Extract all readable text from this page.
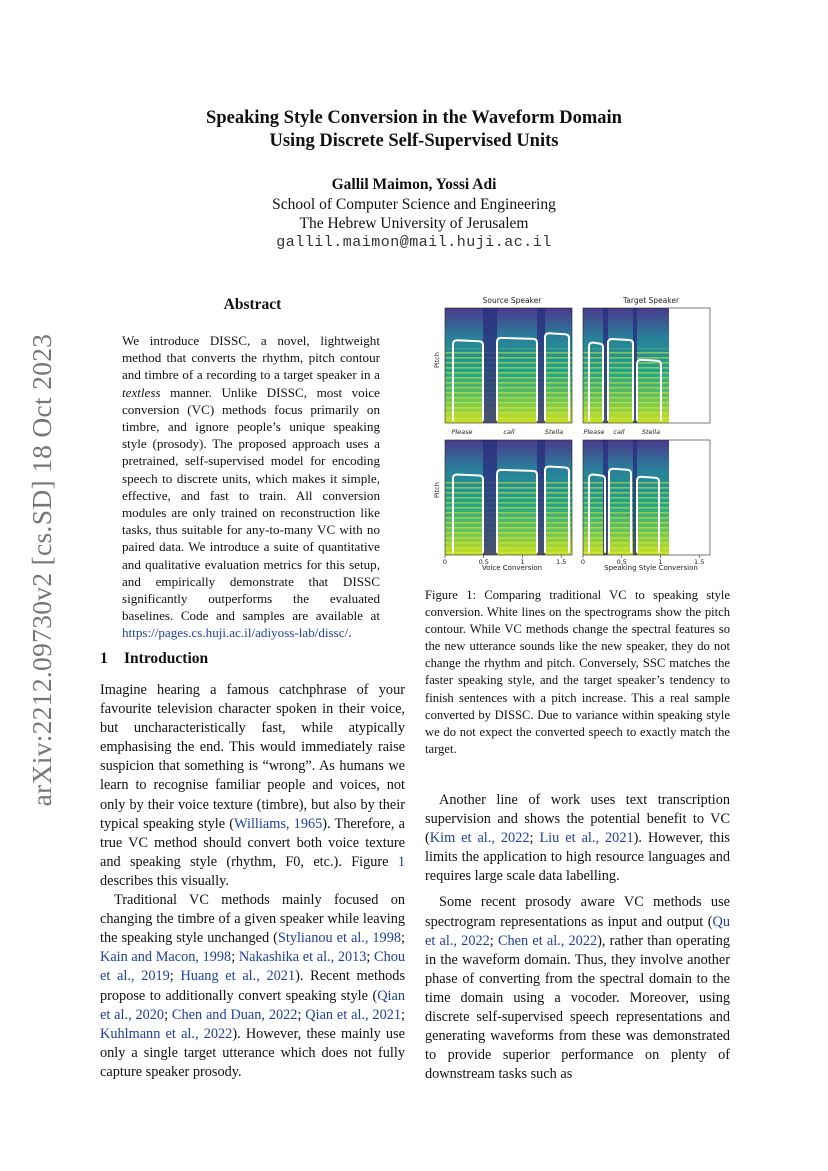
arXiv:2212.09730v2 [cs.SD] 18 Oct 2023
Speaking Style Conversion in the Waveform Domain
Using Discrete Self-Supervised Units
Gallil Maimon, Yossi Adi
School of Computer Science and Engineering
The Hebrew University of Jerusalem
gallil.maimon@mail.huji.ac.il
Abstract
We introduce DISSC, a novel, lightweight method that converts the rhythm, pitch contour and timbre of a recording to a target speaker in a textless manner. Unlike DISSC, most voice conversion (VC) methods focus primarily on timbre, and ignore people’s unique speaking style (prosody). The proposed approach uses a pretrained, self-supervised model for encoding speech to discrete units, which makes it simple, effective, and fast to train. All conversion modules are only trained on reconstruction like tasks, thus suitable for any-to-many VC with no paired data. We introduce a suite of quantitative and qualitative evaluation metrics for this setup, and empirically demonstrate that DISSC significantly outperforms the evaluated baselines. Code and samples are available at https://pages.cs.huji.ac.il/adiyoss-lab/dissc/.
1 Introduction

Imagine hearing a famous catchphrase of your favourite television character spoken in their voice, but uncharacteristically fast, while atypically emphasising the end. This would immediately raise suspicion that something is “wrong”. As humans we learn to recognise familiar people and voices, not only by their voice texture (timbre), but also by their typical speaking style (Williams, 1965). Therefore, a true VC method should convert both voice texture and speaking style (rhythm, F0, etc.). Figure 1 describes this visually.

Traditional VC methods mainly focused on changing the timbre of a given speaker while leaving the speaking style unchanged (Stylianou et al., 1998; Kain and Macon, 1998; Nakashika et al., 2013; Chou et al., 2019; Huang et al., 2021). Recent methods propose to additionally convert speaking style (Qian et al., 2020; Chen and Duan, 2022; Qian et al., 2021; Kuhlmann et al., 2022). However, these mainly use only a single target utterance which does not fully capture speaker prosody.

Source Speaker	Target Speaker
Pitch
Pitch
Please	call	Stella	Please call	Stella
0	0.5	1	1.5 0	0.5	1	1.5
Voice Conversion	Speaking Style Conversion
Figure 1: Comparing traditional VC to speaking style conversion. White lines on the spectrograms show the pitch contour. While VC methods change the spectral features so the new utterance sounds like the new speaker, they do not change the rhythm and pitch. Conversely, SSC matches the faster speaking style, and the target speaker’s tendency to finish sentences with a pitch increase. This a real sample converted by DISSC. Due to variance within speaking style we do not expect the converted speech to exactly match the target.

Another line of work uses text transcription supervision and shows the potential benefit to VC (Kim et al., 2022; Liu et al., 2021). However, this limits the application to high resource languages and requires large scale data labelling.

Some recent prosody aware VC methods use spectrogram representations as input and output (Qu et al., 2022; Chen et al., 2022), rather than operating in the waveform domain. Thus, they involve another phase of converting from the spectral domain to the time domain using a vocoder. Moreover, using discrete self-supervised speech representations and generating waveforms from these was demonstrated to provide superior performance on plenty of downstream tasks such as
